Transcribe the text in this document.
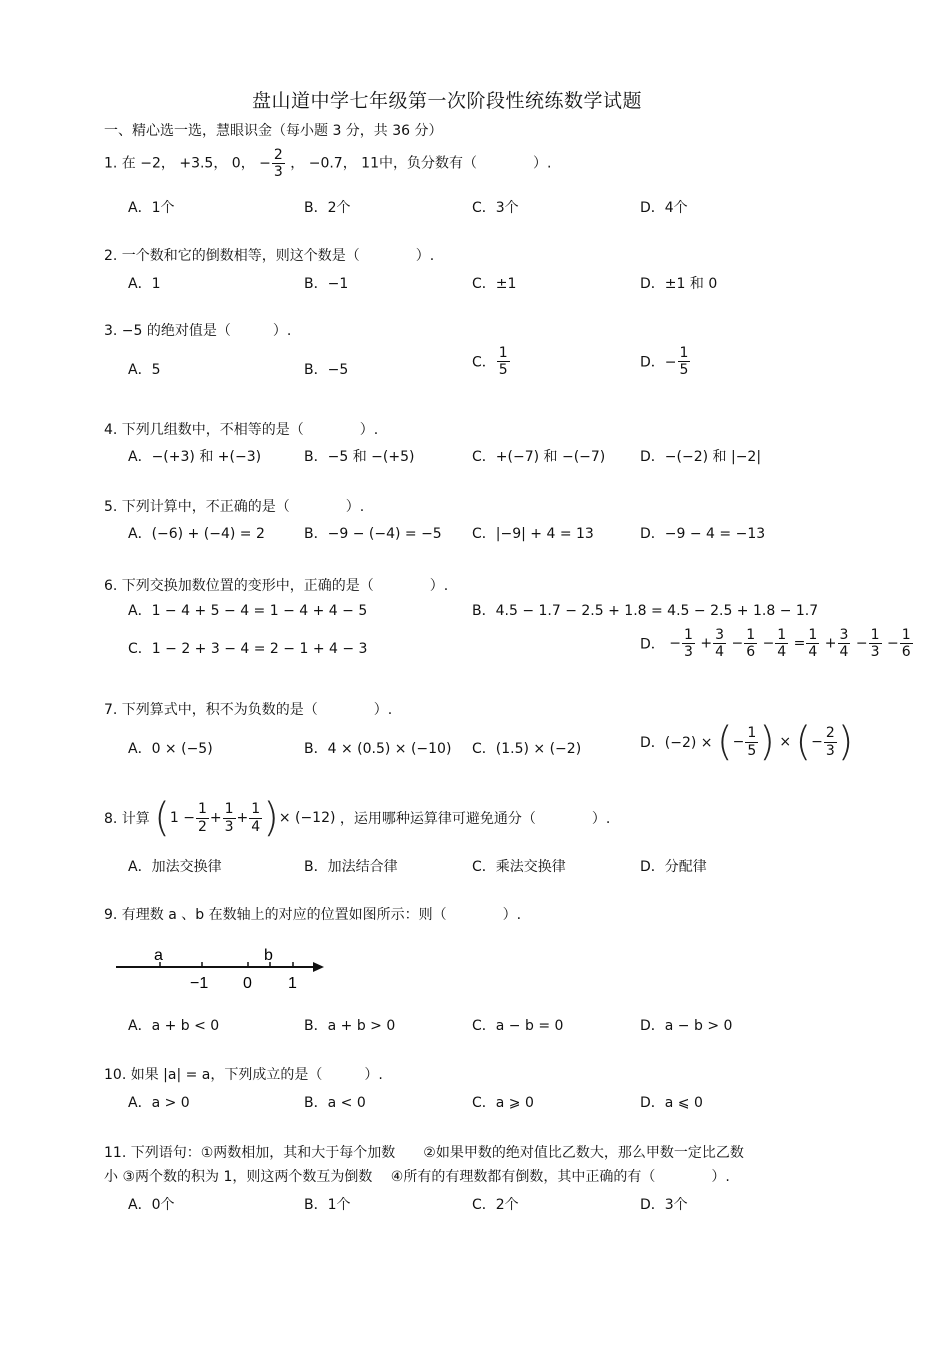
盘山道中学七年级第一次阶段性统练数学试题
一、精心选一选，慧眼识金（每小题 3 分，共 36 分）
1. 在 −2， +3.5， 0， − $\frac{2}{3}$ ， −0.7， 11中，负分数有（　　　　）.
A．1个	B．2个	C．3个	D．4个
2. 一个数和它的倒数相等，则这个数是（　　　　）.
A．1	B．−1	C．±1	D．±1 和 0
3. −5 的绝对值是（　　　）.
A．5	B．−5	C． $\frac{1}{5}$	D．− $\frac{1}{5}$
4. 下列几组数中，不相等的是（　　　　）.
A．−(+3) 和 +(−3)	B．−5 和 −(+5)	C．+(−7) 和 −(−7) D．−(−2) 和 |−2|
5. 下列计算中，不正确的是（　　　　）.
A．(−6) + (−4) = 2	B．−9 − (−4) = −5 C．|−9| + 4 = 13	D．−9 − 4 = −13
6. 下列交换加数位置的变形中，正确的是（　　　　）.
A．1 − 4 + 5 − 4 = 1 − 4 + 4 − 5	B．4.5 − 1.7 − 2.5 + 1.8 = 4.5 − 2.5 + 1.8 − 1.7
C．1 − 2 + 3 − 4 = 2 − 1 + 4 − 3	D． − $\frac{1}{3} + \frac{3}{4} - \frac{1}{6} - \frac{1}{4} = \frac{1}{4} + \frac{3}{4} - \frac{1}{3} - \frac{1}{6}$
7. 下列算式中，积不为负数的是（　　　　）.
A．0 × (−5)	B．4 × (0.5) × (−10) C．(1.5) × (−2)	D．(−2) × (− $\frac{1}{5}$ ) × (− $\frac{2}{3}$ )
8. 计算 ($1 - \frac{1}{2} + \frac{1}{3} + \frac{1}{4}$ )× (−12) ，运用哪种运算律可避免通分（　　　　）.
A．加法交换律	B．加法结合律	C．乘法交换律	D．分配律
9. 有理数 a 、b 在数轴上的对应的位置如图所示：则（　　　　）.
a	b
−1 0 1
A．a + b < 0	B．a + b > 0	C．a − b = 0	D．a − b > 0
10. 如果 |a| = a，下列成立的是（　　　）.
A．a > 0	B．a < 0	C．a ⩾ 0	D．a ⩽ 0
11. 下列语句：①两数相加，其和大于每个加数　　②如果甲数的绝对值比乙数大，那么甲数一定比乙数
小 ③两个数的积为 1，则这两个数互为倒数　 ④所有的有理数都有倒数，其中正确的有（　　　　）.
A．0个	B．1个	C．2个	D．3个
